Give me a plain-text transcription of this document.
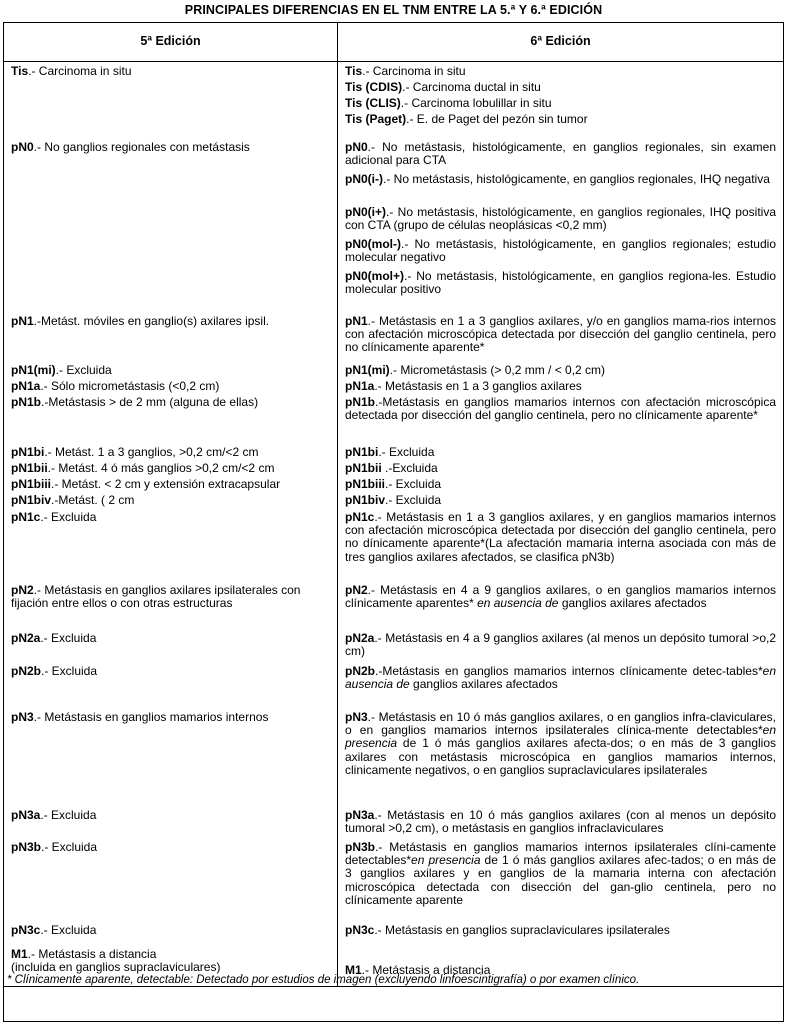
PRINCIPALES DIFERENCIAS EN EL TNM ENTRE LA 5.ª Y 6.ª EDICIÓN
5ª Edición	6ª Edición
Tis.- Carcinoma in situ
pN0.- No ganglios regionales con metástasis
pN1.-Metást. móviles en ganglio(s) axilares ipsil.
pN1(mi).- Excluida
pN1a.- Sólo micrometástasis (<0,2 cm)
pN1b.-Metástasis > de 2 mm (alguna de ellas)
pN1bi.- Metást. 1 a 3 ganglios, >0,2 cm/<2 cm
pN1bii.- Metást. 4 ó más ganglios >0,2 cm/<2 cm
pN1biii.- Metást. < 2 cm y extensión extracapsular
pN1biv.-Metást. ( 2 cm
pN1c.- Excluida
pN2.- Metástasis en ganglios axilares ipsilaterales con fijación entre ellos o con otras estructuras
pN2a.- Excluida
pN2b.- Excluida
pN3.- Metástasis en ganglios mamarios internos
pN3a.- Excluida
pN3b.- Excluida
pN3c.- Excluida
M1.- Metástasis a distancia
(incluida en ganglios supraclaviculares)
Tis.- Carcinoma in situ
Tis (CDIS).- Carcinoma ductal in situ
Tis (CLIS).- Carcinoma lobulillar in situ
Tis (Paget).- E. de Paget del pezón sin tumor
pN0.- No metástasis, histológicamente, en ganglios regionales, sin examen adicional para CTA
pN0(i-).- No metástasis, histológicamente, en ganglios regionales, IHQ negativa
pN0(i+).- No metástasis, histológicamente, en ganglios regionales, IHQ positiva con CTA (grupo de células neoplásicas <0,2 mm)
pN0(mol-).- No metástasis, histológicamente, en ganglios regionales; estudio molecular negativo
pN0(mol+).- No metástasis, histológicamente, en ganglios regiona-les. Estudio molecular positivo
pN1.- Metástasis en 1 a 3 ganglios axilares, y/o en ganglios mama-rios internos con afectación microscópica detectada por disección del ganglio centinela, pero no clínicamente aparente*
pN1(mi).- Micrometástasis (> 0,2 mm / < 0,2 cm)
pN1a.- Metástasis en 1 a 3 ganglios axilares
pN1b.-Metástasis en ganglios mamarios internos con afectación microscópica detectada por disección del ganglio centinela, pero no clínicamente aparente*
pN1bi.- Excluida
pN1bii .-Excluida
pN1biii.- Excluida
pN1biv.- Excluida
pN1c.- Metástasis en 1 a 3 ganglios axilares, y en ganglios mamarios internos con afectación microscópica detectada por disección del ganglio centinela, pero no dínicamente aparente*(La afectación mamaria interna asociada con más de tres ganglios axilares afectados, se clasifica pN3b)
pN2.- Metástasis en 4 a 9 ganglios axilares, o en ganglios mamarios internos clínicamente aparentes* en ausencia de ganglios axilares afectados
pN2a.- Metástasis en 4 a 9 ganglios axilares (al menos un depósito tumoral >o,2 cm)
pN2b.-Metástasis en ganglios mamarios internos clínicamente detec-tables*en ausencia de ganglios axilares afectados
pN3.- Metástasis en 10 ó más ganglios axilares, o en ganglios infra-claviculares, o en ganglios mamarios internos ipsilaterales clínica-mente detectables*en presencia de 1 ó más ganglios axilares afecta-dos; o en más de 3 ganglios axilares con metástasis microscópica en ganglios mamarios internos, clinicamente negativos, o en ganglios supraclaviculares ipsilaterales
pN3a.- Metástasis en 10 ó más ganglios axilares (con al menos un depósito tumoral >0,2 cm), o metástasis en ganglios infraclaviculares
pN3b.- Metástasis en ganglios mamarios internos ipsilaterales clíni-camente detectables*en presencia de 1 ó más ganglios axilares afec-tados; o en más de 3 ganglios axilares y en ganglios de la mamaria interna con afectación microscópica detectada con disección del gan-glio centinela, pero no clínicamente aparente
pN3c.- Metástasis en ganglios supraclaviculares ipsilaterales
M1.- Metástasis a distancia
* Clínicamente aparente, detectable: Detectado por estudios de imagen (excluyendo linfoescintigrafía) o por examen clínico.
